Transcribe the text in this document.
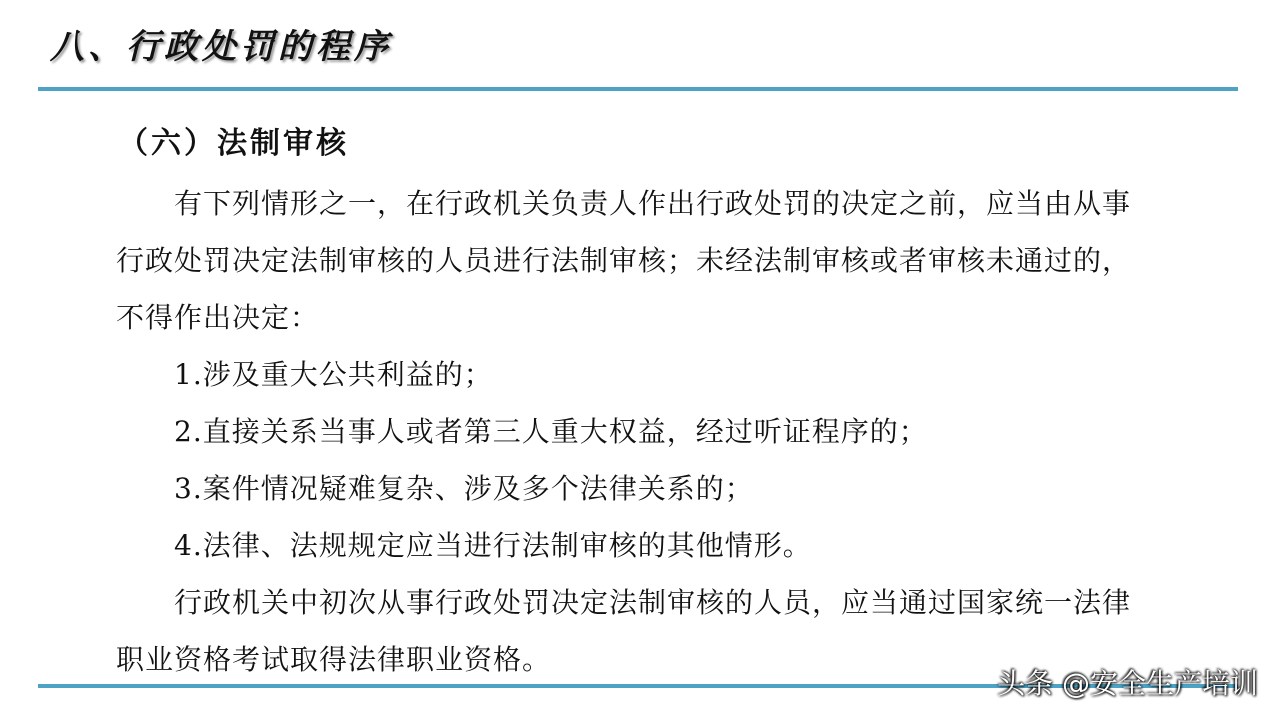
八、行政处罚的程序
（六）法制审核

有下列情形之一，在行政机关负责人作出行政处罚的决定之前，应当由从事行政处罚决定法制审核的人员进行法制审核；未经法制审核或者审核未通过的，不得作出决定：

1.涉及重大公共利益的；

2.直接关系当事人或者第三人重大权益，经过听证程序的；

3.案件情况疑难复杂、涉及多个法律关系的；

4.法律、法规规定应当进行法制审核的其他情形。

行政机关中初次从事行政处罚决定法制审核的人员，应当通过国家统一法律职业资格考试取得法律职业资格。

头条 @安全生产培训
